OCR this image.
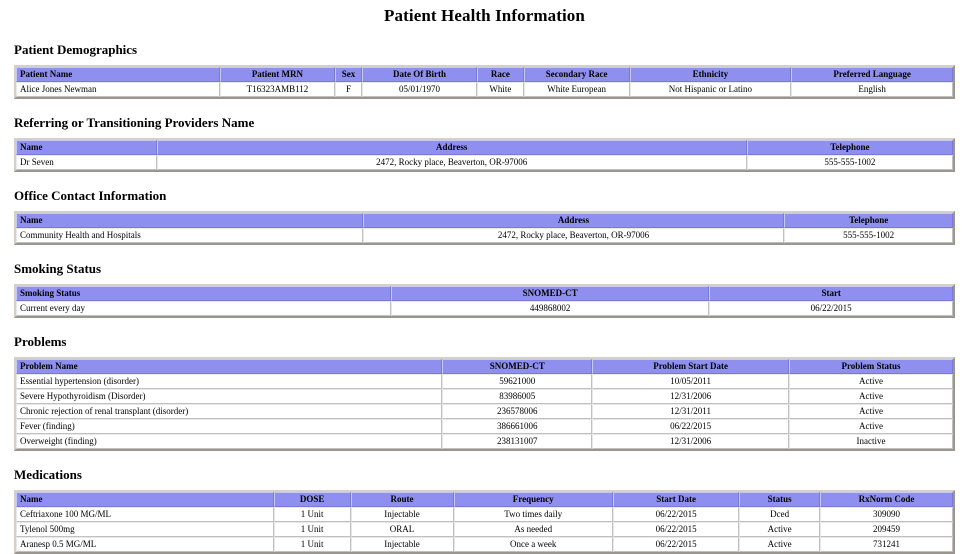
Patient Health Information
Patient Demographics
Patient Name	Patient MRN	Sex	Date Of Birth	Race	Secondary Race	Ethnicity	Preferred Language
Alice Jones Newman	T16323AMB112	F	05/01/1970	White	White European	Not Hispanic or Latino	English
Referring or Transitioning Providers Name
Name	Address	Telephone
Dr Seven	2472, Rocky place, Beaverton, OR-97006	555-555-1002
Office Contact Information
Name	Address	Telephone
Community Health and Hospitals	2472, Rocky place, Beaverton, OR-97006	555-555-1002
Smoking Status
Smoking Status	SNOMED-CT	Start
Current every day	449868002	06/22/2015
Problems
Problem Name	SNOMED-CT	Problem Start Date	Problem Status
Essential hypertension (disorder)	59621000	10/05/2011	Active
Severe Hypothyroidism (Disorder)	83986005	12/31/2006	Active
Chronic rejection of renal transplant (disorder)	236578006	12/31/2011	Active
Fever (finding)	386661006	06/22/2015	Active
Overweight (finding)	238131007	12/31/2006	Inactive
Medications
Name	DOSE	Route	Frequency	Start Date	Status	RxNorm Code
Ceftriaxone 100 MG/ML	1 Unit	Injectable	Two times daily	06/22/2015	Dced	309090
Tylenol 500mg	1 Unit	ORAL	As needed	06/22/2015	Active	209459
Aranesp 0.5 MG/ML	1 Unit	Injectable	Once a week	06/22/2015	Active	731241
